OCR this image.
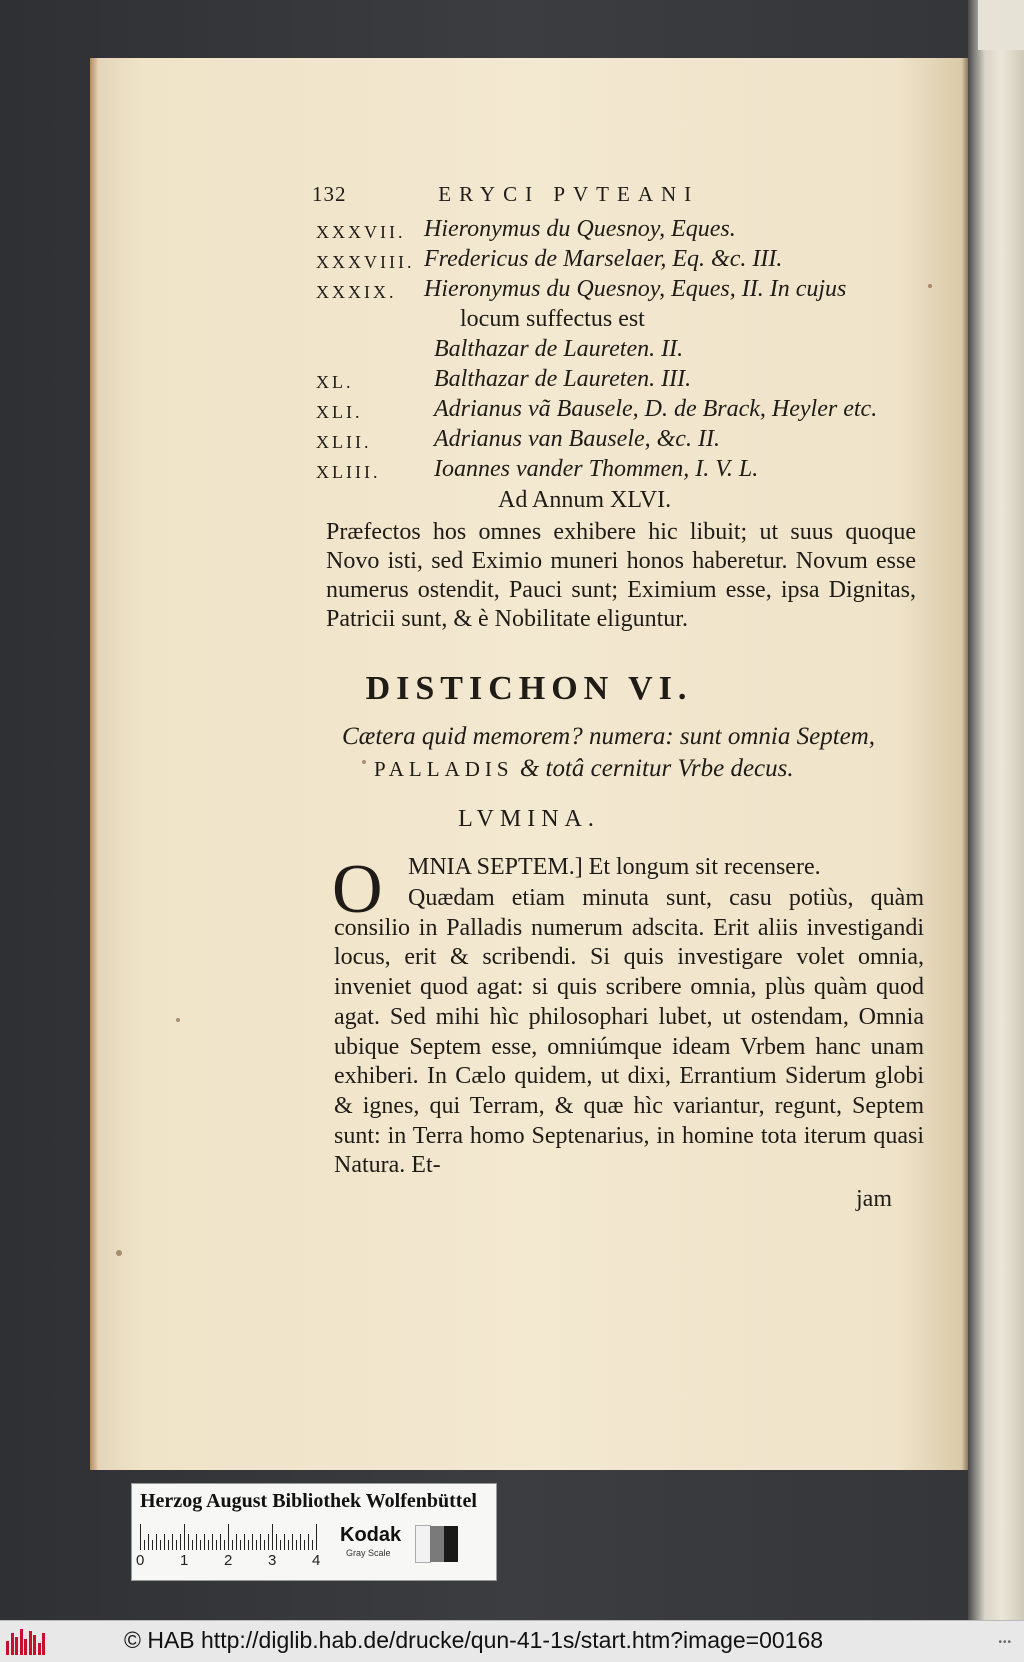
132	ERYCI PVTEANI
XXXVII. Hieronymus du Quesnoy, Eques.
XXXVIII. Fredericus de Marselaer, Eq. &c. III.
XXXIX. Hieronymus du Quesnoy, Eques, II. In cujus
locum suffectus est
Balthazar de Laureten. II.
XL.	Balthazar de Laureten. III.
XLI.	Adrianus vã Bausele, D. de Brack, Heyler etc.
XLII.	Adrianus van Bausele, &c. II.
XLIII. Ioannes vander Thommen, I. V. L.
Ad Annum XLVI.
Præfectos hos omnes exhibere hic libuit; ut suus quoque Novo isti, sed Eximio muneri honos haberetur. Novum esse numerus ostendit, Pauci sunt; Eximium esse, ipsa Dignitas, Patricii sunt, & è Nobilitate eliguntur.
DISTICHON VI.
Cætera quid memorem? numera: sunt omnia Septem,
PALLADIS & totâ cernitur Vrbe decus.
LVMINA.
O MNIA SEPTEM.] Et longum sit recensere.
Quædam etiam minuta sunt, casu potiùs, quàm consilio in Palladis numerum adscita. Erit aliis investigandi locus, erit & scribendi. Si quis investigare volet omnia, inveniet quod agat: si quis scribere omnia, plùs quàm quod agat. Sed mihi hìc philosophari lubet, ut ostendam, Omnia ubique Septem esse, omniúmque ideam Vrbem hanc unam exhiberi. In Cælo quidem, ut dixi, Errantium Siderum globi & ignes, qui Terram, & quæ hìc variantur, regunt, Septem sunt: in Terra homo Septenarius, in homine tota iterum quasi Natura. Et-
jam
Herzog August Bibliothek Wolfenbüttel
0 1 2 3 4
Kodak
Gray Scale
© HAB http://diglib.hab.de/drucke/qun-41-1s/start.htm?image=00168	•••
